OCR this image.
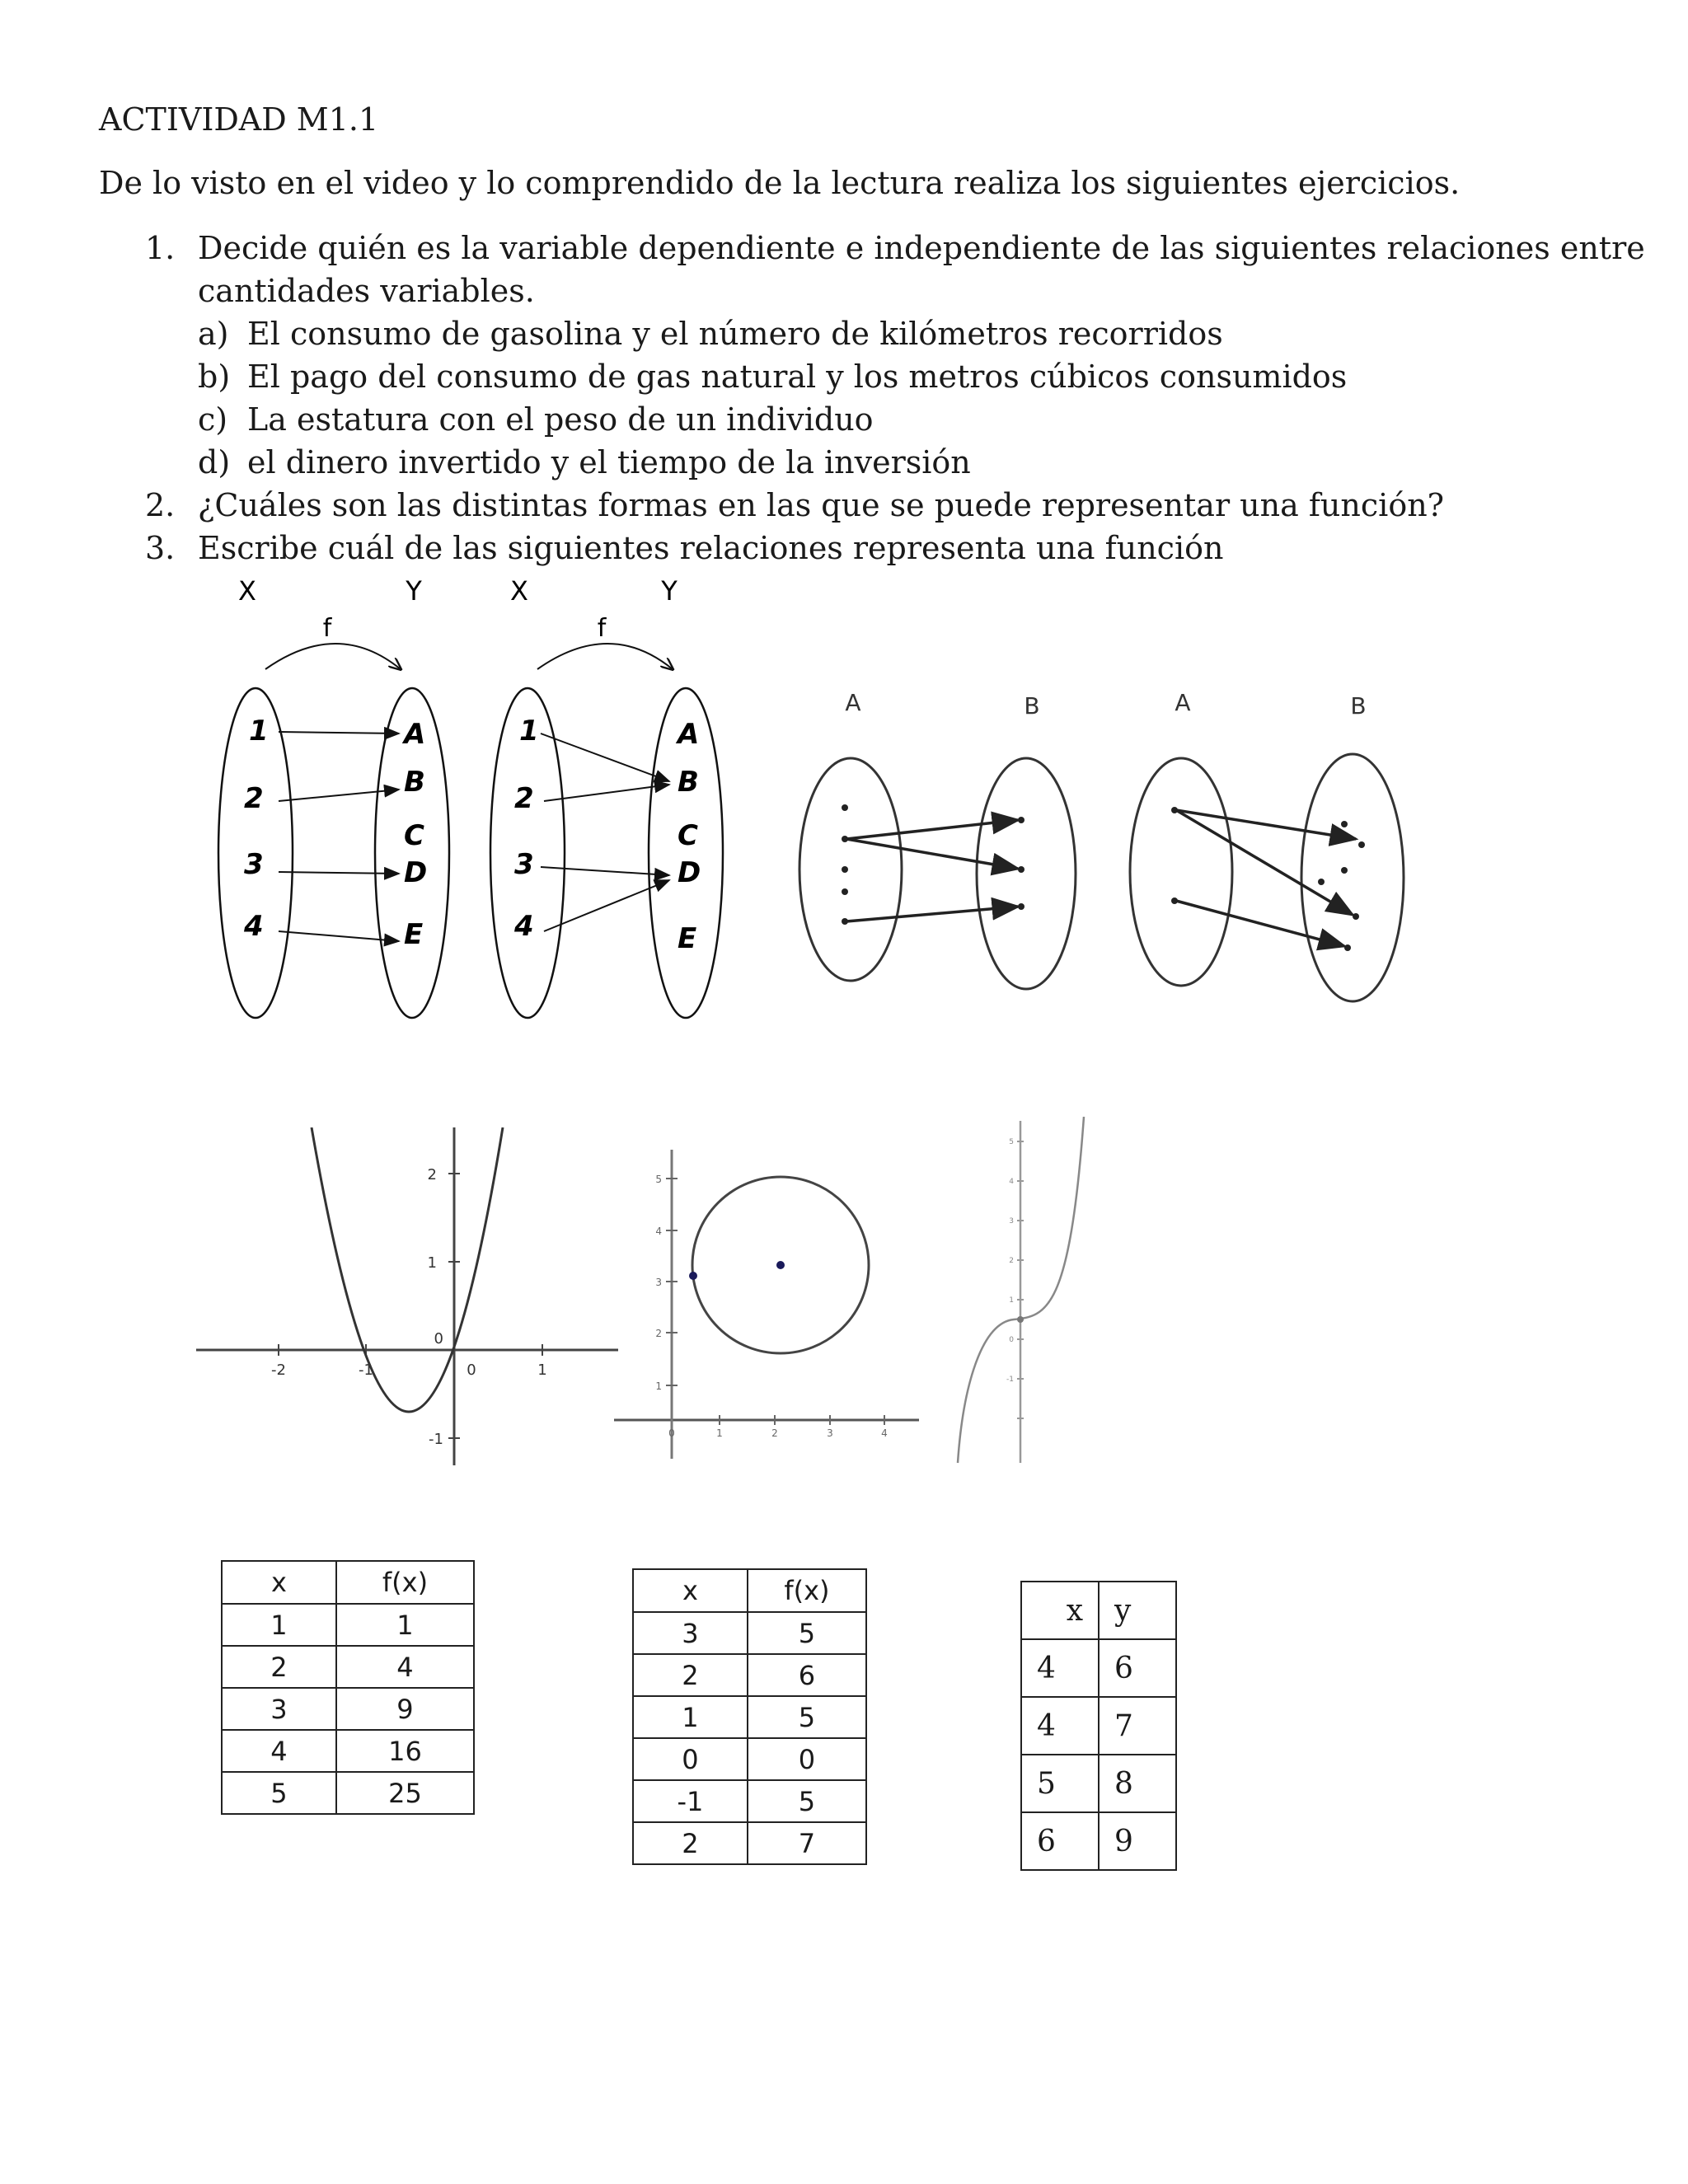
ACTIVIDAD M1.1
De lo visto en el video y lo comprendido de la lectura realiza los siguientes ejercicios.
1. Decide quién es la variable dependiente e independiente de las siguientes relaciones entre
cantidades variables.
a) El consumo de gasolina y el número de kilómetros recorridos
b) El pago del consumo de gas natural y los metros cúbicos consumidos
c) La estatura con el peso de un individuo
d) el dinero invertido y el tiempo de la inversión
2. ¿Cuáles son las distintas formas en las que se puede representar una función?
3. Escribe cuál de las siguientes relaciones representa una función
X	Y
f
1
2
3
4
A
B
C
D
E
X	Y
f
1
2
3
4
A
B
C
D
E
A	B	A	B
2
1
0
-1
-2	-1	0	1
5
4
3
2
1
0	1	2	3	4
5
4
3
2
1
0
-1
x	f(x)
1	1
2	4
3	9
4	16
5	25
x	f(x)
3	5
2	6
1	5
0	0
-1	5
2	7
x	y
4	6
4	7
5	8
6	9
